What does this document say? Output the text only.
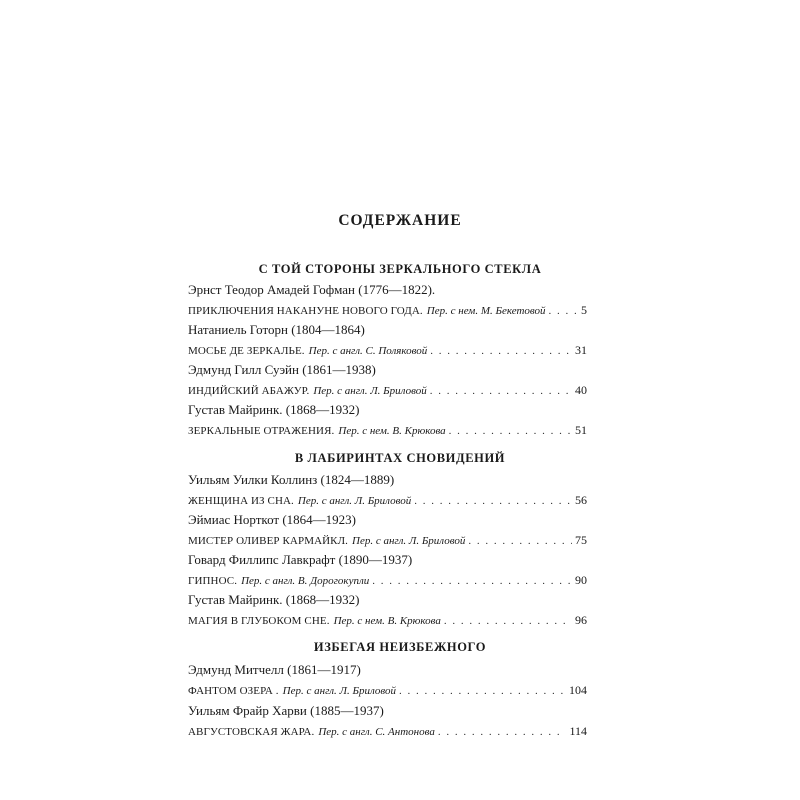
СОДЕРЖАНИЕ
С ТОЙ СТОРОНЫ ЗЕРКАЛЬНОГО СТЕКЛА
Эрнст Теодор Амадей Гофман (1776—1822).
ПРИКЛЮЧЕНИЯ НАКАНУНЕ НОВОГО ГОДА. Пер. с нем. М. Бекетовой . . .	5
Натаниель Готорн (1804—1864)
МОСЬЕ ДЕ ЗЕРКАЛЬЕ. Пер. с англ. С. Поляковой . . .	31
Эдмунд Гилл Суэйн (1861—1938)
ИНДИЙСКИЙ АБАЖУР. Пер. с англ. Л. Бриловой . . .	40
Густав Майринк. (1868—1932)
ЗЕРКАЛЬНЫЕ ОТРАЖЕНИЯ. Пер. с нем. В. Крюкова . . .	51
В ЛАБИРИНТАХ СНОВИДЕНИЙ
Уильям Уилки Коллинз (1824—1889)
ЖЕНЩИНА ИЗ СНА. Пер. с англ. Л. Бриловой . . .	56
Эймиас Норткот (1864—1923)
МИСТЕР ОЛИВЕР КАРМАЙКЛ. Пер. с англ. Л. Бриловой . . .	75
Говард Филлипс Лавкрафт (1890—1937)
ГИПНОС. Пер. с англ. В. Дорогокупли . . .	90
Густав Майринк. (1868—1932)
МАГИЯ В ГЛУБОКОМ СНЕ. Пер. с нем. В. Крюкова . . .	96
ИЗБЕГАЯ НЕИЗБЕЖНОГО
Эдмунд Митчелл (1861—1917)
ФАНТОМ ОЗЕРА . Пер. с англ. Л. Бриловой . . .	104
Уильям Фрайр Харви (1885—1937)
АВГУСТОВСКАЯ ЖАРА. Пер. с англ. С. Антонова . . .	114
